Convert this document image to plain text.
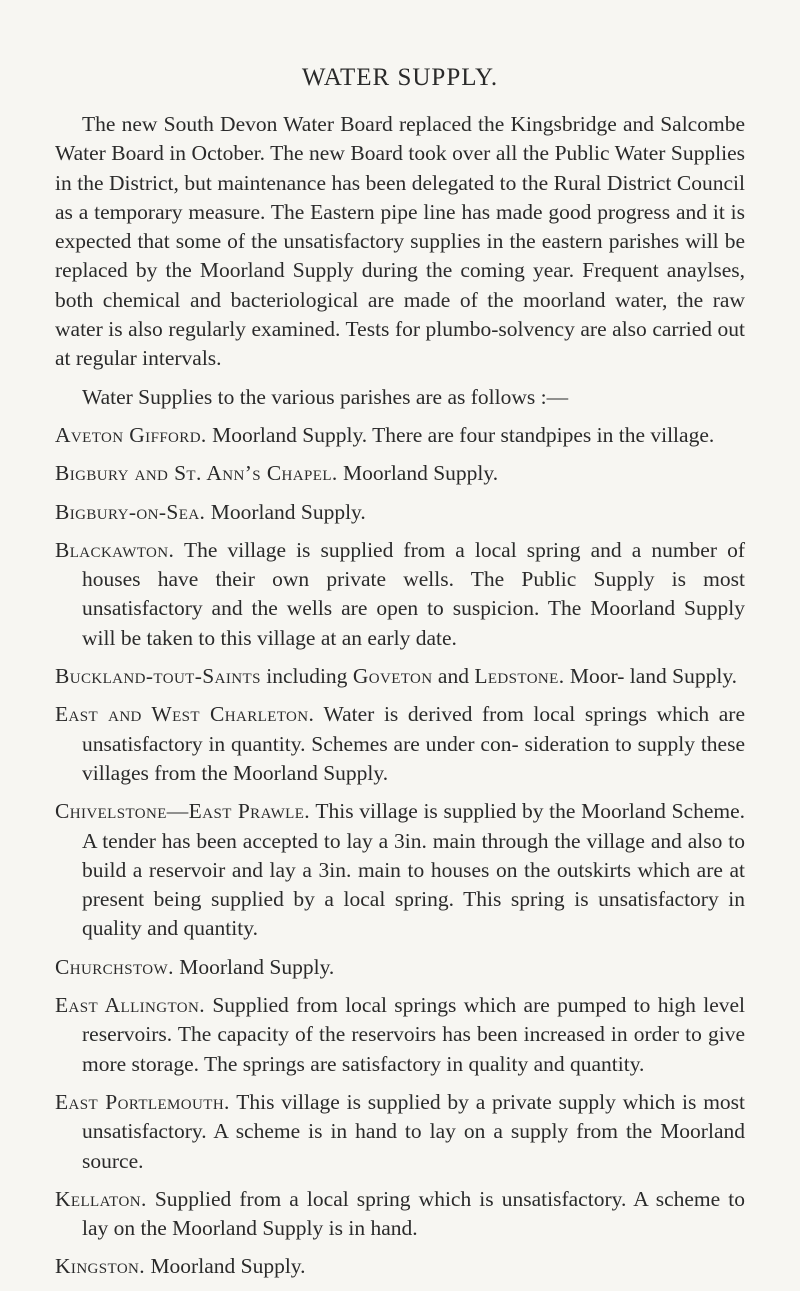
WATER SUPPLY.

The new South Devon Water Board replaced the Kingsbridge and Salcombe Water Board in October. The new Board took over all the Public Water Supplies in the District, but maintenance has been delegated to the Rural District Council as a temporary measure. The Eastern pipe line has made good progress and it is expected that some of the unsatisfactory supplies in the eastern parishes will be replaced by the Moorland Supply during the coming year. Frequent anaylses, both chemical and bacteriological are made of the moorland water, the raw water is also regularly examined. Tests for plumbo-solvency are also carried out at regular intervals.

Water Supplies to the various parishes are as follows :—

Aveton Gifford. Moorland Supply. There are four standpipes in the village.

Bigbury and St. Ann’s Chapel. Moorland Supply.

Bigbury-on-Sea. Moorland Supply.

Blackawton. The village is supplied from a local spring and a number of houses have their own private wells. The Public Supply is most unsatisfactory and the wells are open to suspicion. The Moorland Supply will be taken to this village at an early date.

Buckland-tout-Saints including Goveton and Ledstone. Moor- land Supply.

East and West Charleton. Water is derived from local springs which are unsatisfactory in quantity. Schemes are under con- sideration to supply these villages from the Moorland Supply.

Chivelstone—East Prawle. This village is supplied by the Moorland Scheme. A tender has been accepted to lay a 3in. main through the village and also to build a reservoir and lay a 3in. main to houses on the outskirts which are at present being supplied by a local spring. This spring is unsatisfactory in quality and quantity.

Churchstow. Moorland Supply.

East Allington. Supplied from local springs which are pumped to high level reservoirs. The capacity of the reservoirs has been increased in order to give more storage. The springs are satisfactory in quality and quantity.

East Portlemouth. This village is supplied by a private supply which is most unsatisfactory. A scheme is in hand to lay on a supply from the Moorland source.

Kellaton. Supplied from a local spring which is unsatisfactory. A scheme to lay on the Moorland Supply is in hand.

Kingston. Moorland Supply.
